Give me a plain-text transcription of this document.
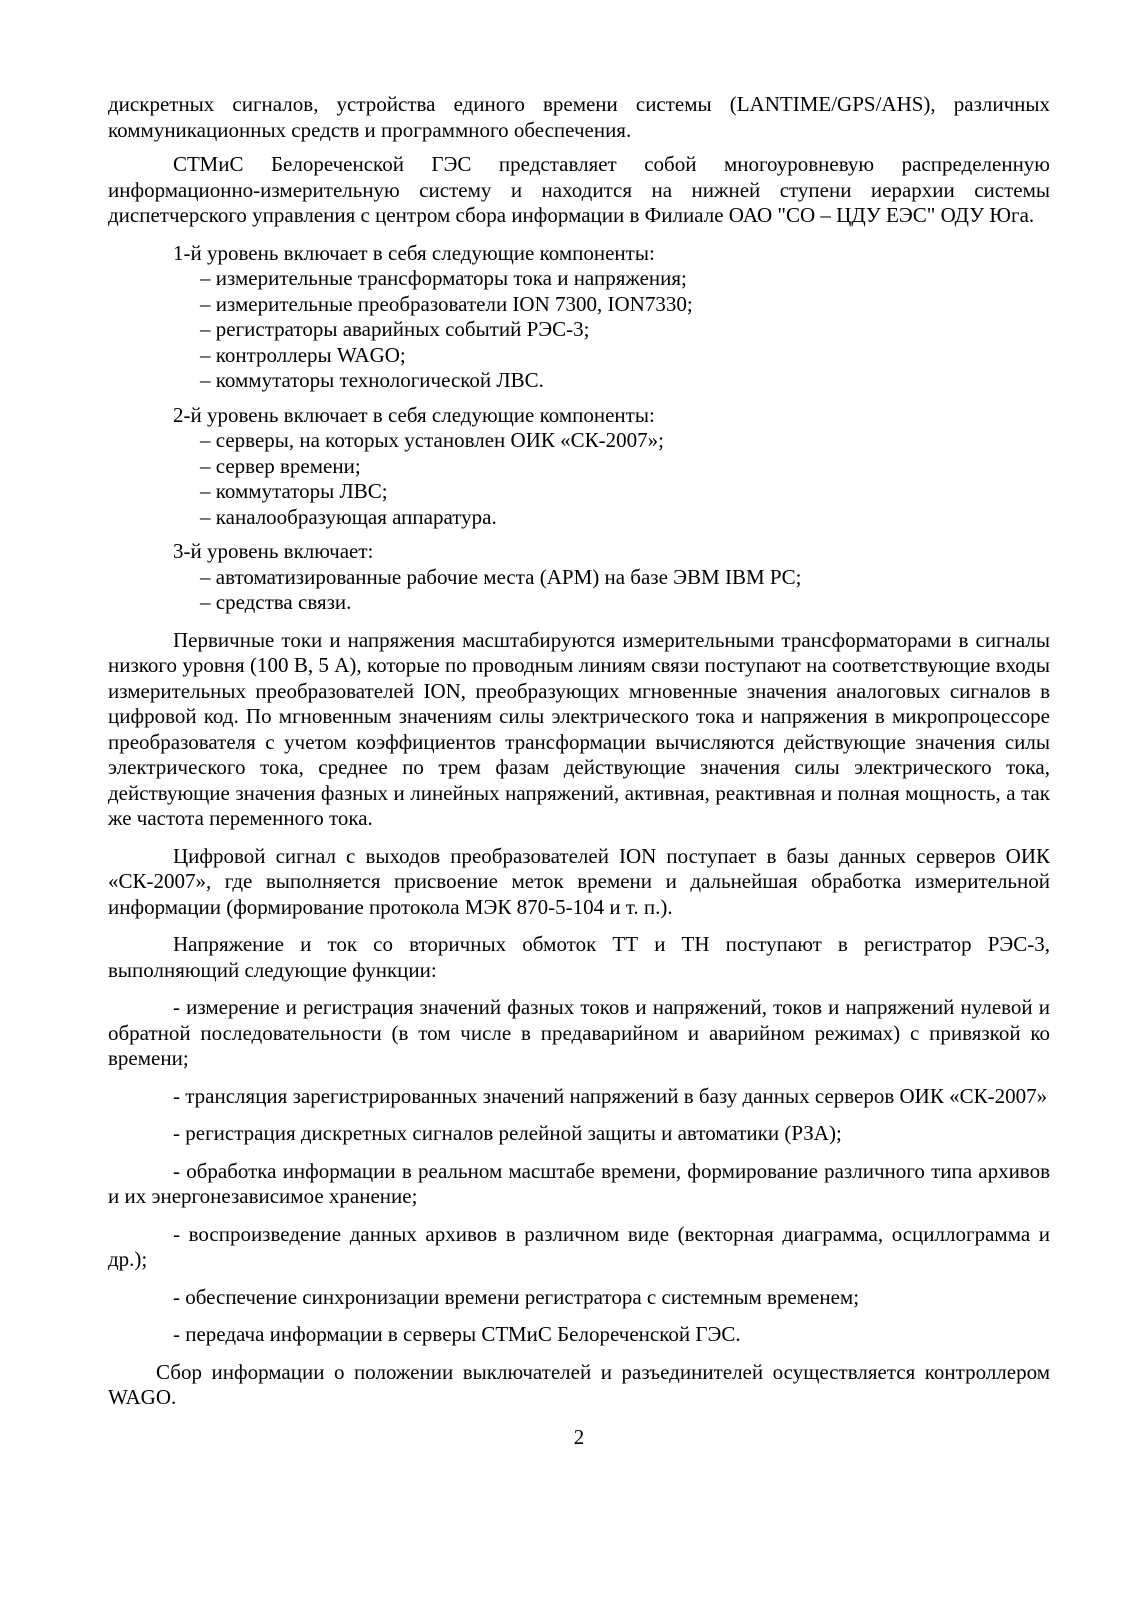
дискретных сигналов, устройства единого времени системы (LANTIME/GPS/AHS), различных коммуникационных средств и программного обеспечения.

СТМиС Белореченской ГЭС представляет собой многоуровневую распределенную информационно-измерительную систему и находится на нижней ступени иерархии системы диспетчерского управления с центром сбора информации в Филиале ОАО "СО – ЦДУ ЕЭС" ОДУ Юга.

1-й уровень включает в себя следующие компоненты:

– измерительные трансформаторы тока и напряжения;
– измерительные преобразователи ION 7300, ION7330;
– регистраторы аварийных событий РЭС-3;
– контроллеры WAGO;
– коммутаторы технологической ЛВС.

2-й уровень включает в себя следующие компоненты:

– серверы, на которых установлен ОИК «СК-2007»;
– сервер времени;
– коммутаторы ЛВС;
– каналообразующая аппаратура.

3-й уровень включает:

– автоматизированные рабочие места (АРМ) на базе ЭВМ IBM PC;
– средства связи.

Первичные токи и напряжения масштабируются измерительными трансформаторами в сигналы низкого уровня (100 В, 5 А), которые по проводным линиям связи поступают на соответствующие входы измерительных преобразователей ION, преобразующих мгновенные значения аналоговых сигналов в цифровой код. По мгновенным значениям силы электрического тока и напряжения в микропроцессоре преобразователя с учетом коэффициентов трансформации вычисляются действующие значения силы электрического тока, среднее по трем фазам действующие значения силы электрического тока, действующие значения фазных и линейных напряжений, активная, реактивная и полная мощность, а так же частота переменного тока.

Цифровой сигнал с выходов преобразователей ION поступает в базы данных серверов ОИК «СК-2007», где выполняется присвоение меток времени и дальнейшая обработка измерительной информации (формирование протокола МЭК 870-5-104 и т. п.).

Напряжение и ток со вторичных обмоток ТТ и ТН поступают в регистратор РЭС-3, выполняющий следующие функции:

- измерение и регистрация значений фазных токов и напряжений, токов и напряжений нулевой и обратной последовательности (в том числе в предаварийном и аварийном режимах) с привязкой ко времени;

- трансляция зарегистрированных значений напряжений в базу данных серверов ОИК «СК-2007»

- регистрация дискретных сигналов релейной защиты и автоматики (РЗА);

- обработка информации в реальном масштабе времени, формирование различного типа архивов и их энергонезависимое хранение;

- воспроизведение данных архивов в различном виде (векторная диаграмма, осциллограмма и др.);

- обеспечение синхронизации времени регистратора с системным временем;

- передача информации в серверы СТМиС Белореченской ГЭС.

Сбор информации о положении выключателей и разъединителей осуществляется контроллером WAGO.

2
